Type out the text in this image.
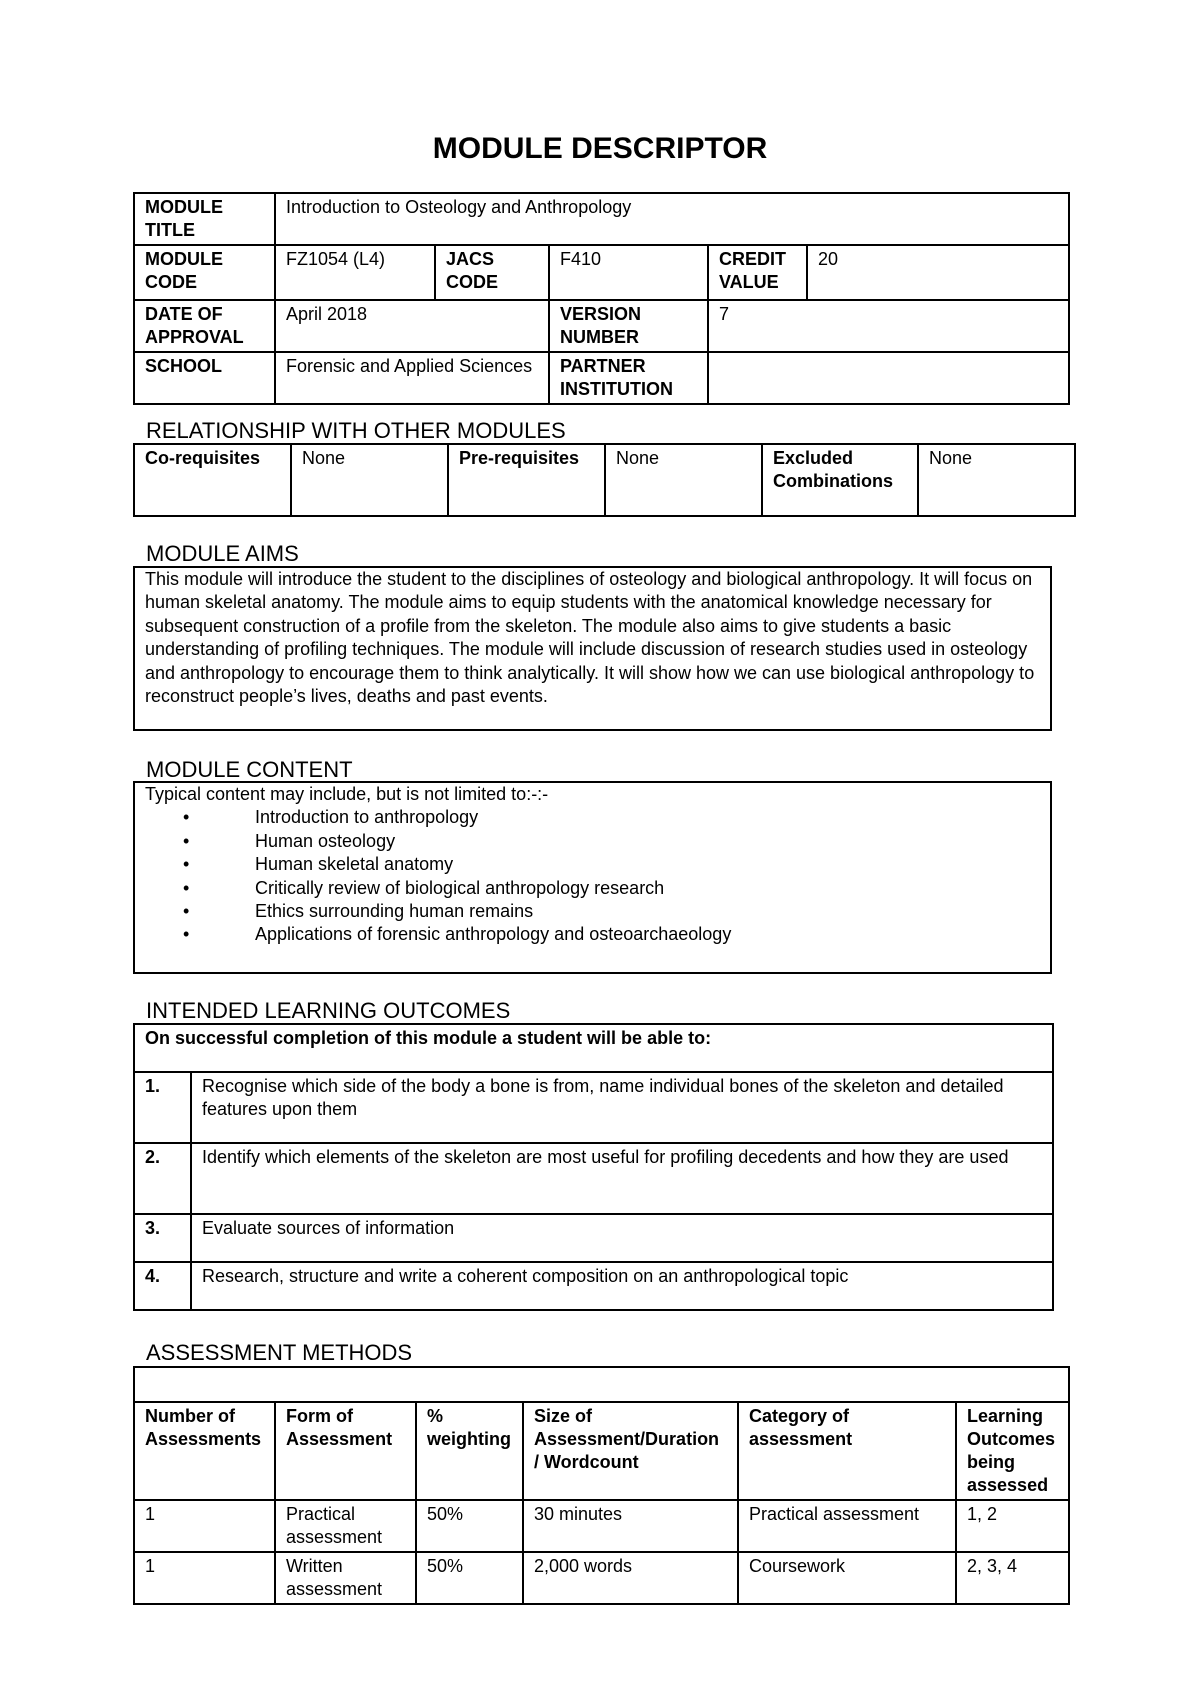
MODULE DESCRIPTOR
MODULE TITLE	Introduction to Osteology and Anthropology				
MODULE CODE	FZ1054 (L4)	JACS CODE	F410	CREDIT VALUE	20
DATE OF APPROVAL	April 2018		VERSION NUMBER	7	
SCHOOL	Forensic and Applied Sciences		PARTNER INSTITUTION		
RELATIONSHIP WITH OTHER MODULES
Co-requisites	None	Pre-requisites	None	Excluded Combinations	None
MODULE AIMS
This module will introduce the student to the disciplines of osteology and biological anthropology. It will focus on human skeletal anatomy. The module aims to equip students with the anatomical knowledge necessary for subsequent construction of a profile from the skeleton. The module also aims to give students a basic understanding of profiling techniques. The module will include discussion of research studies used in osteology and anthropology to encourage them to think analytically. It will show how we can use biological anthropology to reconstruct people’s lives, deaths and past events.
MODULE CONTENT
Typical content may include, but is not limited to:-:-
•	Introduction to anthropology
•	Human osteology
•	Human skeletal anatomy
•	Critically review of biological anthropology research
•	Ethics surrounding human remains
•	Applications of forensic anthropology and osteoarchaeology
INTENDED LEARNING OUTCOMES
On successful completion of this module a student will be able to:	
1.	Recognise which side of the body a bone is from, name individual bones of the skeleton and detailed features upon them
2.	Identify which elements of the skeleton are most useful for profiling decedents and how they are used
3.	Evaluate sources of information
4.	Research, structure and write a coherent composition on an anthropological topic
ASSESSMENT METHODS

Number of Assessments	Form of Assessment	% weighting	Size of Assessment/Duration / Wordcount	Category of assessment	Learning Outcomes being assessed
1	Practical assessment	50%	30 minutes	Practical assessment	1, 2
1	Written assessment	50%	2,000 words	Coursework	2, 3, 4
